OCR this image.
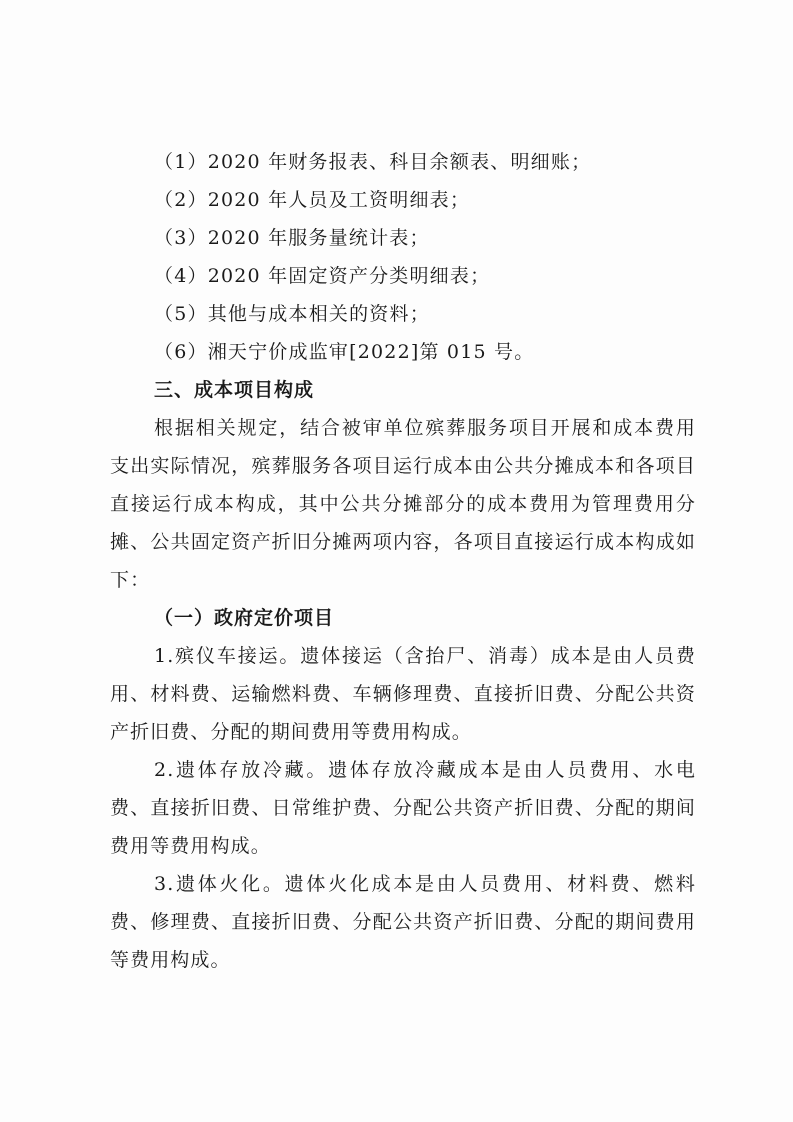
（1）2020 年财务报表、科目余额表、明细账；
（2）2020 年人员及工资明细表；
（3）2020 年服务量统计表；
（4）2020 年固定资产分类明细表；
（5）其他与成本相关的资料；
（6）湘天宁价成监审[2022]第 015 号。
三、成本项目构成

根据相关规定，结合被审单位殡葬服务项目开展和成本费用支出实际情况，殡葬服务各项目运行成本由公共分摊成本和各项目直接运行成本构成，其中公共分摊部分的成本费用为管理费用分摊、公共固定资产折旧分摊两项内容，各项目直接运行成本构成如下：

（一）政府定价项目

1.殡仪车接运。遗体接运（含抬尸、消毒）成本是由人员费用、材料费、运输燃料费、车辆修理费、直接折旧费、分配公共资产折旧费、分配的期间费用等费用构成。

2.遗体存放冷藏。遗体存放冷藏成本是由人员费用、水电费、直接折旧费、日常维护费、分配公共资产折旧费、分配的期间费用等费用构成。

3.遗体火化。遗体火化成本是由人员费用、材料费、燃料费、修理费、直接折旧费、分配公共资产折旧费、分配的期间费用等费用构成。
